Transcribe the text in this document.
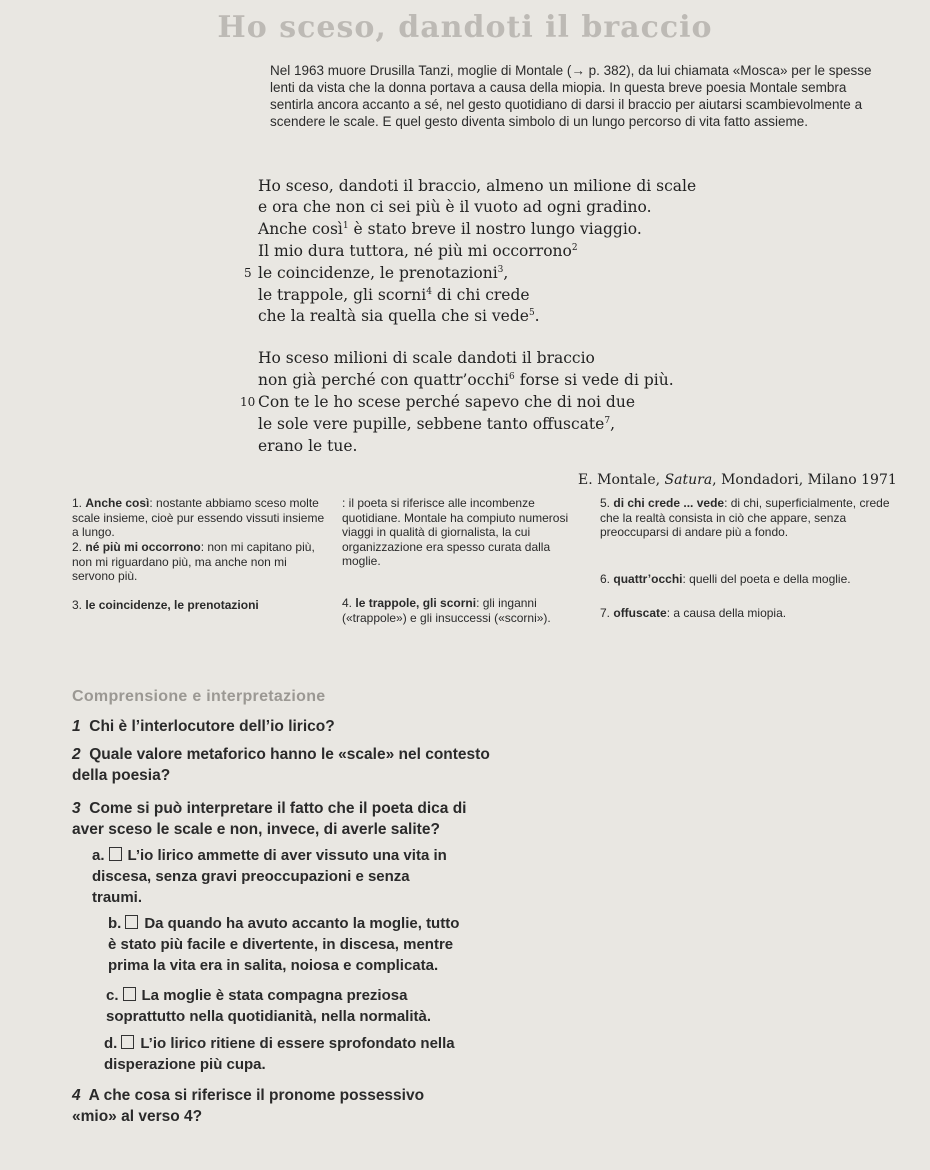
Ho sceso, dandoti il braccio
Nel 1963 muore Drusilla Tanzi, moglie di Montale (→ p. 382), da lui chiamata «Mosca» per le spesse lenti da vista che la donna portava a causa della miopia. In questa breve poesia Montale sembra sentirla ancora accanto a sé, nel gesto quotidiano di darsi il braccio per aiutarsi scambievolmente a scendere le scale. E quel gesto diventa simbolo di un lungo percorso di vita fatto assieme.
Ho sceso, dandoti il braccio, almeno un milione di scale
e ora che non ci sei più è il vuoto ad ogni gradino.
Anche così$^1$ è stato breve il nostro lungo viaggio.
Il mio dura tuttora, né più mi occorrono$^2$
5 le coincidenze, le prenotazioni$^3$,
le trappole, gli scorni$^4$ di chi crede
che la realtà sia quella che si vede$^5$.
Ho sceso milioni di scale dandoti il braccio
non già perché con quattr’occhi$^6$ forse si vede di più.
10 Con te le ho scese perché sapevo che di noi due
le sole vere pupille, sebbene tanto offuscate$^7$,
erano le tue.
E. Montale, Satura, Mondadori, Milano 1971
1. Anche così: nostante abbiamo sceso molte scale insieme, cioè pur essendo vissuti insieme a lungo.
2. né più mi occorrono: non mi capitano più, non mi riguardano più, ma anche non mi servono più.
3. le coincidenze, le prenotazioni
: il poeta si riferisce alle incombenze quotidiane. Montale ha compiuto numerosi viaggi in qualità di giornalista, la cui organizzazione era spesso curata dalla moglie.
4. le trappole, gli scorni: gli inganni («trappole») e gli insuccessi («scorni»).
5. di chi crede ... vede: di chi, superficialmente, crede che la realtà consista in ciò che appare, senza preoccuparsi di andare più a fondo.
6. quattr’occhi: quelli del poeta e della moglie.
7. offuscate: a causa della miopia.
Comprensione e interpretazione
1 Chi è l’interlocutore dell’io lirico?
2 Quale valore metaforico hanno le «scale» nel contesto della poesia?
3 Come si può interpretare il fatto che il poeta dica di aver sceso le scale e non, invece, di averle salite?
a. L’io lirico ammette di aver vissuto una vita in discesa, senza gravi preoccupazioni e senza traumi.
b. Da quando ha avuto accanto la moglie, tutto è stato più facile e divertente, in discesa, mentre prima la vita era in salita, noiosa e complicata.
c. La moglie è stata compagna preziosa soprattutto nella quotidianità, nella normalità.
d. L’io lirico ritiene di essere sprofondato nella disperazione più cupa.
4 A che cosa si riferisce il pronome possessivo «mio» al verso 4?
